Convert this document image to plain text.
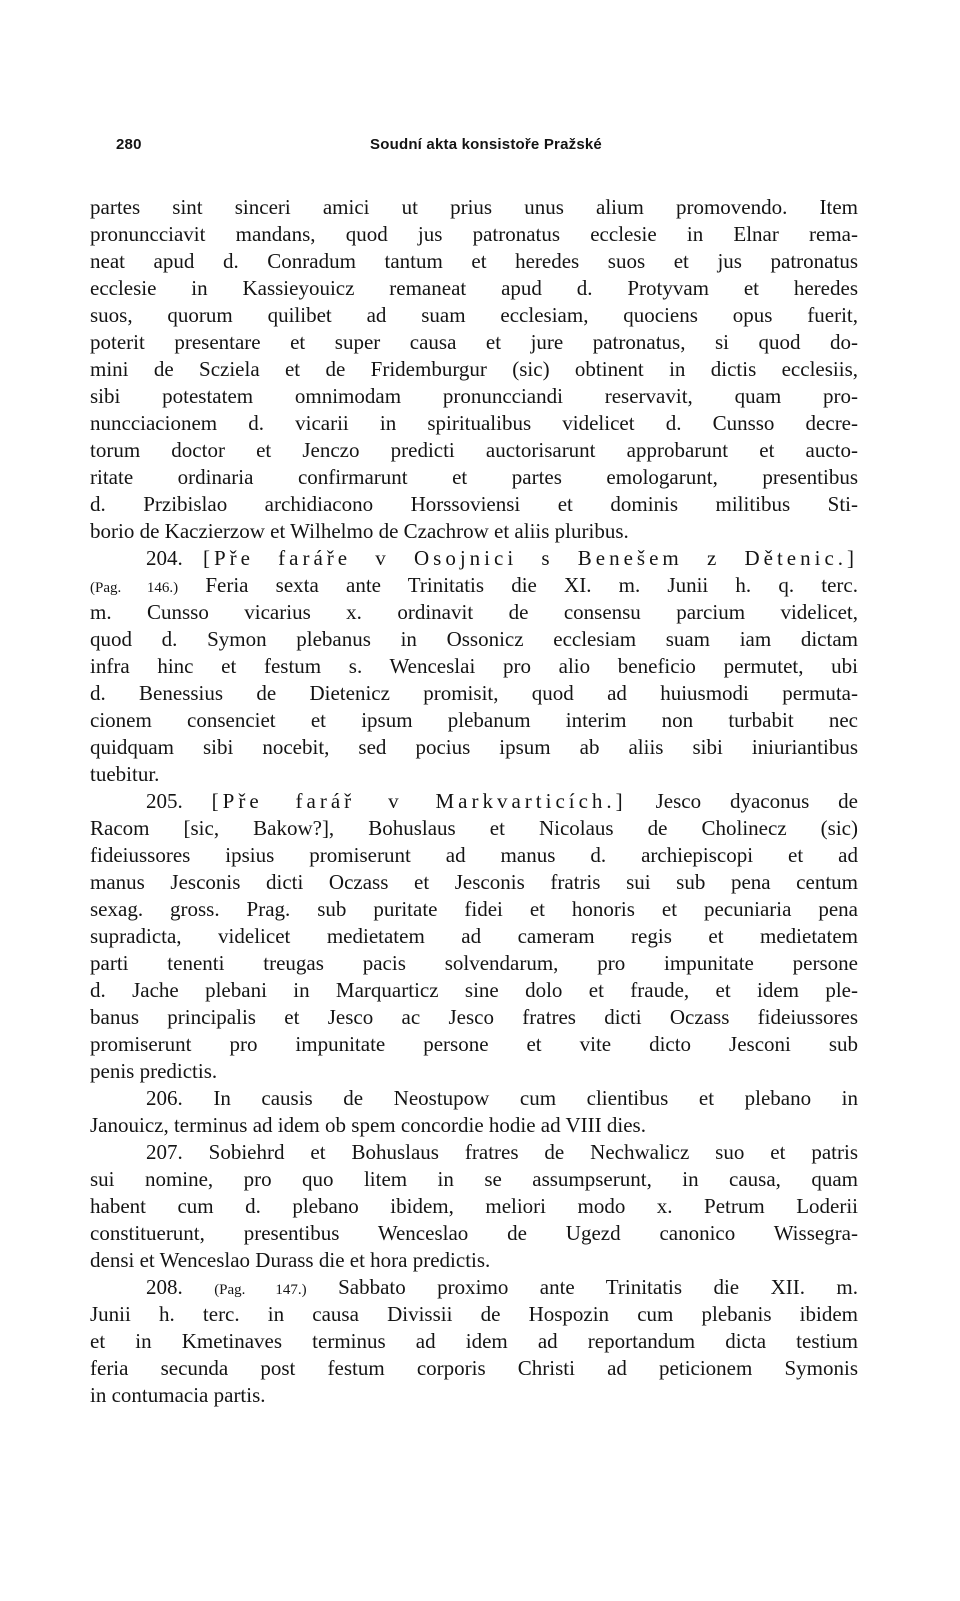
280	Soudní akta konsistoře Pražské
partes sint sinceri amici ut prius unus alium promovendo. Item
pronuncciavit mandans, quod jus patronatus ecclesie in Elnar rema-
neat apud d. Conradum tantum et heredes suos et jus patronatus
ecclesie in Kassieyouicz remaneat apud d. Protyvam et heredes
suos, quorum quilibet ad suam ecclesiam, quociens opus fuerit,
poterit presentare et super causa et jure patronatus, si quod do-
mini de Scziela et de Fridemburgur (sic) obtinent in dictis ecclesiis,
sibi potestatem omnimodam pronuncciandi reservavit, quam pro-
nuncciacionem d. vicarii in spiritualibus videlicet d. Cunsso decre-
torum doctor et Jenczo predicti auctorisarunt approbarunt et aucto-
ritate ordinaria confirmarunt et partes emologarunt, presentibus
d. Przibislao archidiacono Horssoviensi et dominis militibus Sti-
borio de Kaczierzow et Wilhelmo de Czachrow et aliis pluribus.
204. [Pře faráře v Osojnici s Benešem z Dětenic.]
(Pag. 146.) Feria sexta ante Trinitatis die XI. m. Junii h. q. terc.
m. Cunsso vicarius x. ordinavit de consensu parcium videlicet,
quod d. Symon plebanus in Ossonicz ecclesiam suam iam dictam
infra hinc et festum s. Wenceslai pro alio beneficio permutet, ubi
d. Benessius de Dietenicz promisit, quod ad huiusmodi permuta-
cionem consenciet et ipsum plebanum interim non turbabit nec
quidquam sibi nocebit, sed pocius ipsum ab aliis sibi iniuriantibus
tuebitur.
205. [Pře farář v Markvarticích.] Jesco dyaconus de
Racom [sic, Bakow?], Bohuslaus et Nicolaus de Cholinecz (sic)
fideiussores ipsius promiserunt ad manus d. archiepiscopi et ad
manus Jesconis dicti Oczass et Jesconis fratris sui sub pena centum
sexag. gross. Prag. sub puritate fidei et honoris et pecuniaria pena
supradicta, videlicet medietatem ad cameram regis et medietatem
parti tenenti treugas pacis solvendarum, pro impunitate persone
d. Jache plebani in Marquarticz sine dolo et fraude, et idem ple-
banus principalis et Jesco ac Jesco fratres dicti Oczass fideiussores
promiserunt pro impunitate persone et vite dicto Jesconi sub
penis predictis.
206. In causis de Neostupow cum clientibus et plebano in
Janouicz, terminus ad idem ob spem concordie hodie ad VIII dies.
207. Sobiehrd et Bohuslaus fratres de Nechwalicz suo et patris
sui nomine, pro quo litem in se assumpserunt, in causa, quam
habent cum d. plebano ibidem, meliori modo x. Petrum Loderii
constituerunt, presentibus Wenceslao de Ugezd canonico Wissegra-
densi et Wenceslao Durass die et hora predictis.
208. (Pag. 147.) Sabbato proximo ante Trinitatis die XII. m.
Junii h. terc. in causa Divissii de Hospozin cum plebanis ibidem
et in Kmetinaves terminus ad idem ad reportandum dicta testium
feria secunda post festum corporis Christi ad peticionem Symonis
in contumacia partis.
